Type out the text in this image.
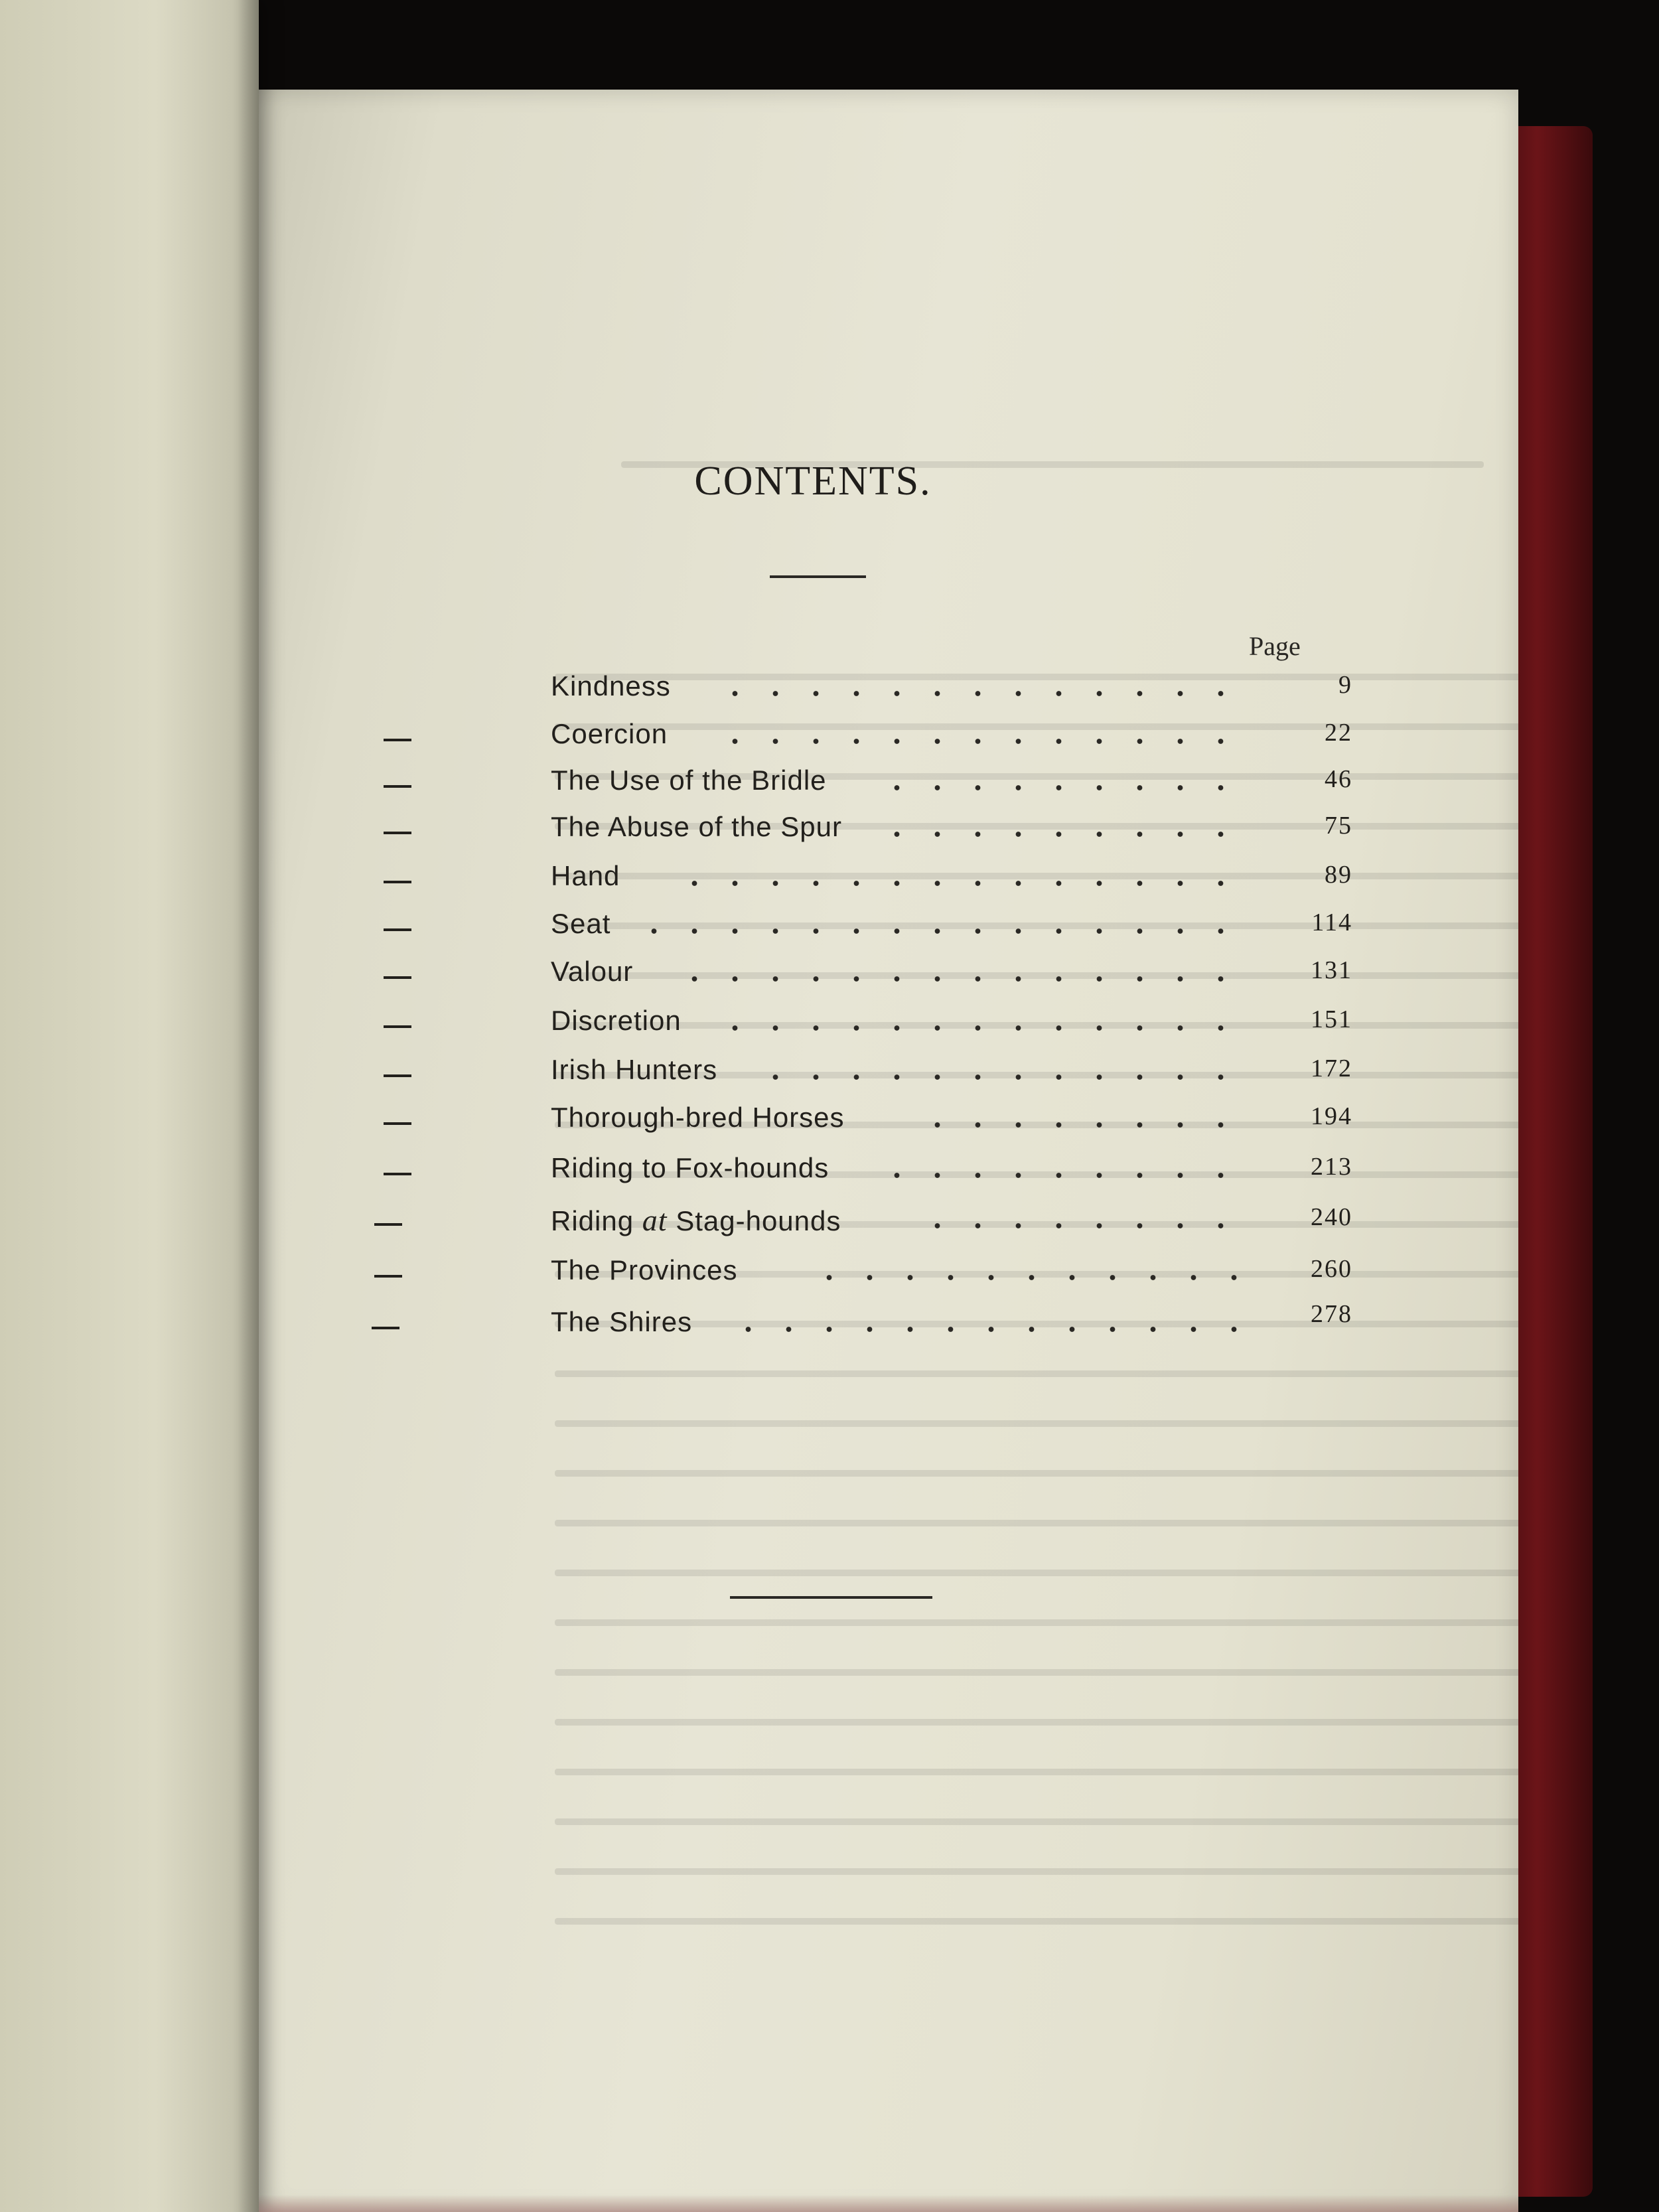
CONTENTS.
Page
Kindness	9
Coercion	22
The Use of the Bridle	46
The Abuse of the Spur	75
Hand	89
Seat	114
Valour	131
Discretion	151
Irish Hunters	172
Thorough-bred Horses	194
Riding to Fox-hounds	213
Riding at Stag-hounds	240
The Provinces	260
The Shires	278
